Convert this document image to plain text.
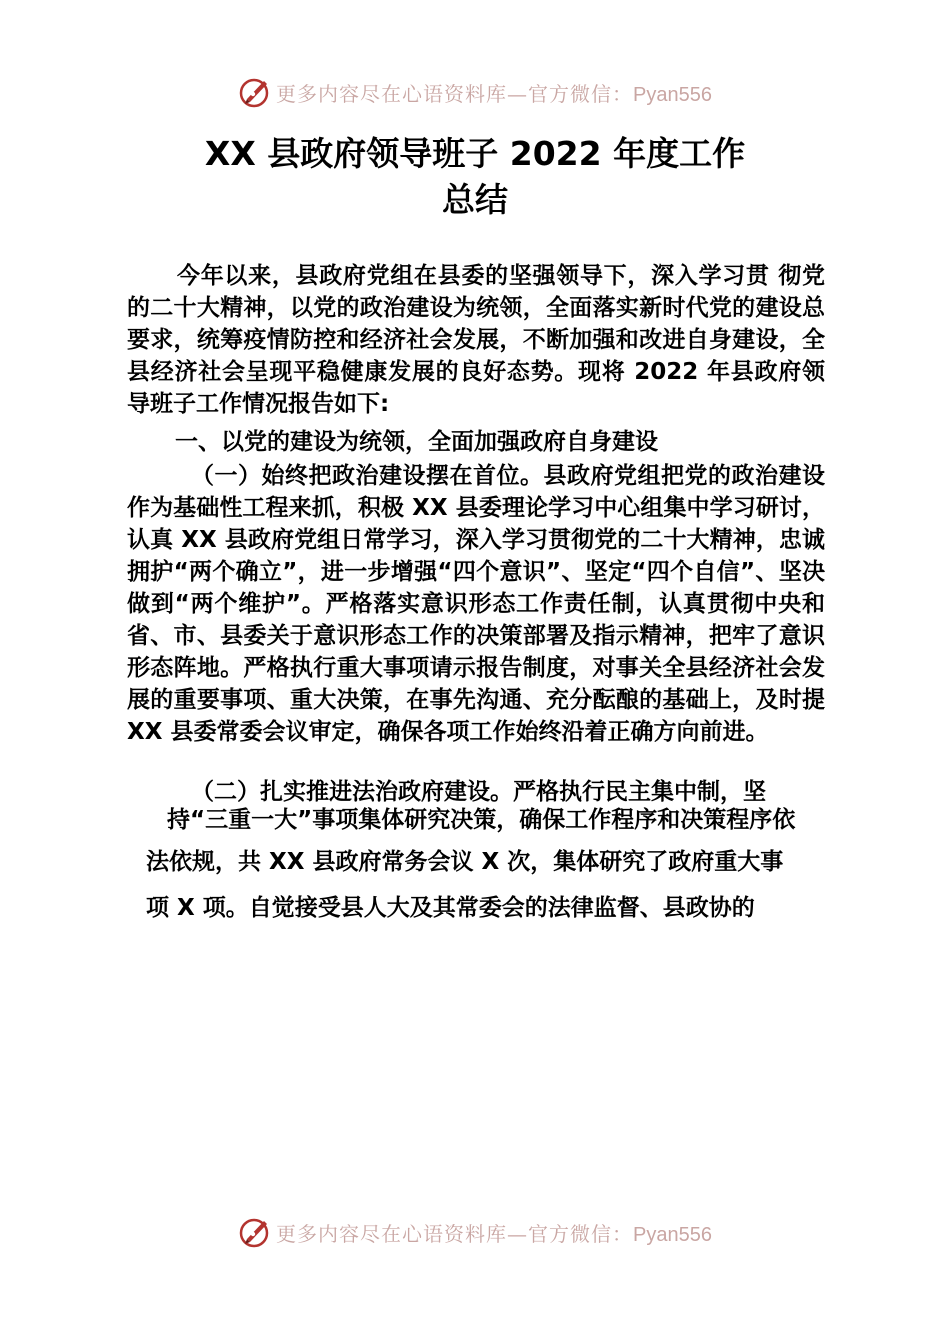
更多内容尽在心语资料库—官方微信：Pyan556
XX 县政府领导班子 2022 年度工作
总结

今年以来，县政府党组在县委的坚强领导下，深入学习贯 彻党的二十大精神，以党的政治建设为统领，全面落实新时代党的建设总要求，统筹疫情防控和经济社会发展，不断加强和改进自身建设，全县经济社会呈现平稳健康发展的良好态势。现将 2022 年县政府领导班子工作情况报告如下:

一、以党的建设为统领，全面加强政府自身建设

（一）始终把政治建设摆在首位。县政府党组把党的政治建设作为基础性工程来抓，积极 XX 县委理论学习中心组集中学习研讨，认真 XX 县政府党组日常学习，深入学习贯彻党的二十大精神，忠诚拥护“两个确立”，进一步增强“四个意识”、坚定“四个自信”、坚决做到“两个维护”。严格落实意识形态工作责任制，认真贯彻中央和省、市、县委关于意识形态工作的决策部署及指示精神，把牢了意识形态阵地。严格执行重大事项请示报告制度，对事关全县经济社会发展的重要事项、重大决策，在事先沟通、充分酝酿的基础上，及时提 XX 县委常委会议审定，确保各项工作始终沿着正确方向前进。

（二）扎实推进法治政府建设。严格执行民主集中制，坚

持“三重一大”事项集体研究决策，确保工作程序和决策程序依

法依规，共 XX 县政府常务会议 X 次，集体研究了政府重大事

项 X 项。自觉接受县人大及其常委会的法律监督、县政协的

更多内容尽在心语资料库—官方微信：Pyan556
